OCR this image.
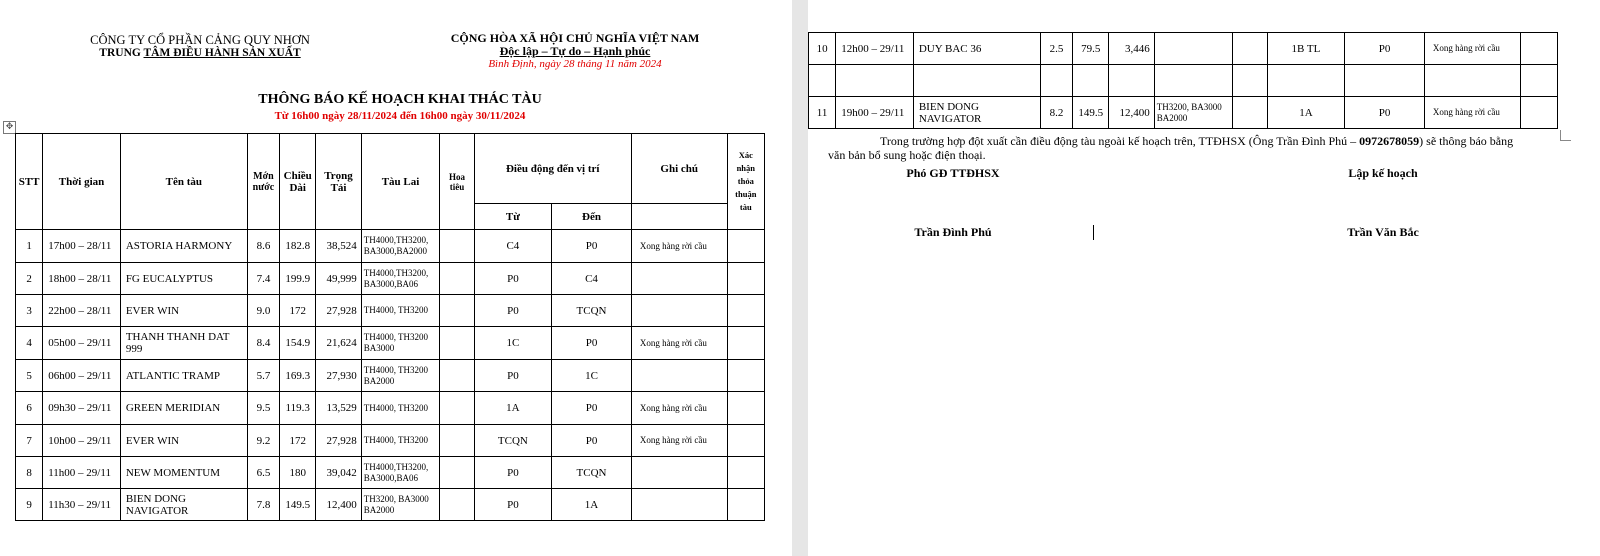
CÔNG TY CỔ PHẦN CẢNG QUY NHƠN
TRUNG TÂM ĐIỀU HÀNH SẢN XUẤT
CỘNG HÒA XÃ HỘI CHỦ NGHĨA VIỆT NAM
Độc lập – Tự do – Hạnh phúc
Bình Định, ngày 28 tháng 11 năm 2024
THÔNG BÁO KẾ HOẠCH KHAI THÁC TÀU
Từ 16h00 ngày 28/11/2024 đến 16h00 ngày 30/11/2024
✥
STT	Thời gian	Tên tàu	Mớn nước	Chiều Dài	Trọng Tải	Tàu Lai	Hoa tiêu	Điều động đến vị trí		Ghi chú	Xác nhận thỏa thuận tàu
								Từ	Đến		
1	17h00 – 28/11	ASTORIA HARMONY	8.6	182.8	38,524	TH4000,TH3200, BA3000,BA2000		C4	P0	Xong hàng rời cầu	
2	18h00 – 28/11	FG EUCALYPTUS	7.4	199.9	49,999	TH4000,TH3200, BA3000,BA06		P0	C4		
3	22h00 – 28/11	EVER WIN	9.0	172	27,928	TH4000, TH3200		P0	TCQN		
4	05h00 – 29/11	THANH THANH DAT 999	8.4	154.9	21,624	TH4000, TH3200 BA3000		1C	P0	Xong hàng rời cầu	
5	06h00 – 29/11	ATLANTIC TRAMP	5.7	169.3	27,930	TH4000, TH3200 BA2000		P0	1C		
6	09h30 – 29/11	GREEN MERIDIAN	9.5	119.3	13,529	TH4000, TH3200		1A	P0	Xong hàng rời cầu	
7	10h00 – 29/11	EVER WIN	9.2	172	27,928	TH4000, TH3200		TCQN	P0	Xong hàng rời cầu	
8	11h00 – 29/11	NEW MOMENTUM	6.5	180	39,042	TH4000,TH3200, BA3000,BA06		P0	TCQN		
9	11h30 – 29/11	BIEN DONG NAVIGATOR	7.8	149.5	12,400	TH3200, BA3000 BA2000		P0	1A		
10	12h00 – 29/11	DUY BAC 36	2.5	79.5	3,446			1B TL	P0	Xong hàng rời cầu	

11	19h00 – 29/11	BIEN DONG NAVIGATOR	8.2	149.5	12,400	TH3200, BA3000 BA2000		1A	P0	Xong hàng rời cầu	
Trong trường hợp đột xuất cần điều động tàu ngoài kế hoạch trên, TTĐHSX (Ông Trần Đình Phú – 0972678059) sẽ thông báo bằng văn bản bổ sung hoặc điện thoại.
Phó GĐ TTĐHSX	Lập kế hoạch
Trần Đình Phú	Trần Văn Bắc
